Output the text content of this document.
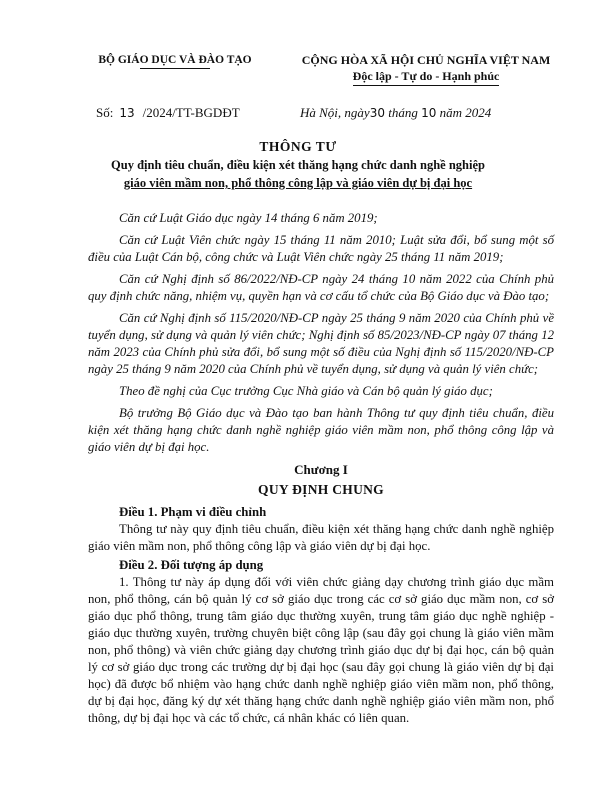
BỘ GIÁO DỤC VÀ ĐÀO TẠO	CỘNG HÒA XÃ HỘI CHỦ NGHĨA VIỆT NAM
Độc lập - Tự do - Hạnh phúc
Số: 13 /2024/TT-BGDĐT	Hà Nội, ngày30 tháng 10 năm 2024
THÔNG TƯ
Quy định tiêu chuẩn, điều kiện xét thăng hạng chức danh nghề nghiệp
giáo viên mầm non, phổ thông công lập và giáo viên dự bị đại học

Căn cứ Luật Giáo dục ngày 14 tháng 6 năm 2019;

Căn cứ Luật Viên chức ngày 15 tháng 11 năm 2010; Luật sửa đổi, bổ sung một số điều của Luật Cán bộ, công chức và Luật Viên chức ngày 25 tháng 11 năm 2019;

Căn cứ Nghị định số 86/2022/NĐ-CP ngày 24 tháng 10 năm 2022 của Chính phủ quy định chức năng, nhiệm vụ, quyền hạn và cơ cấu tổ chức của Bộ Giáo dục và Đào tạo;

Căn cứ Nghị định số 115/2020/NĐ-CP ngày 25 tháng 9 năm 2020 của Chính phủ về tuyển dụng, sử dụng và quản lý viên chức; Nghị định số 85/2023/NĐ-CP ngày 07 tháng 12 năm 2023 của Chính phủ sửa đổi, bổ sung một số điều của Nghị định số 115/2020/NĐ-CP ngày 25 tháng 9 năm 2020 của Chính phủ về tuyển dụng, sử dụng và quản lý viên chức;

Theo đề nghị của Cục trưởng Cục Nhà giáo và Cán bộ quản lý giáo dục;

Bộ trưởng Bộ Giáo dục và Đào tạo ban hành Thông tư quy định tiêu chuẩn, điều kiện xét thăng hạng chức danh nghề nghiệp giáo viên mầm non, phổ thông công lập và giáo viên dự bị đại học.

Chương I

QUY ĐỊNH CHUNG

Điều 1. Phạm vi điều chỉnh

Thông tư này quy định tiêu chuẩn, điều kiện xét thăng hạng chức danh nghề nghiệp giáo viên mầm non, phổ thông công lập và giáo viên dự bị đại học.

Điều 2. Đối tượng áp dụng

1. Thông tư này áp dụng đối với viên chức giảng dạy chương trình giáo dục mầm non, phổ thông, cán bộ quản lý cơ sở giáo dục trong các cơ sở giáo dục mầm non, cơ sở giáo dục phổ thông, trung tâm giáo dục thường xuyên, trung tâm giáo dục nghề nghiệp - giáo dục thường xuyên, trường chuyên biệt công lập (sau đây gọi chung là giáo viên mầm non, phổ thông) và viên chức giảng dạy chương trình giáo dục dự bị đại học, cán bộ quản lý cơ sở giáo dục trong các trường dự bị đại học (sau đây gọi chung là giáo viên dự bị đại học) đã được bổ nhiệm vào hạng chức danh nghề nghiệp giáo viên mầm non, phổ thông, dự bị đại học, đăng ký dự xét thăng hạng chức danh nghề nghiệp giáo viên mầm non, phổ thông, dự bị đại học và các tổ chức, cá nhân khác có liên quan.
